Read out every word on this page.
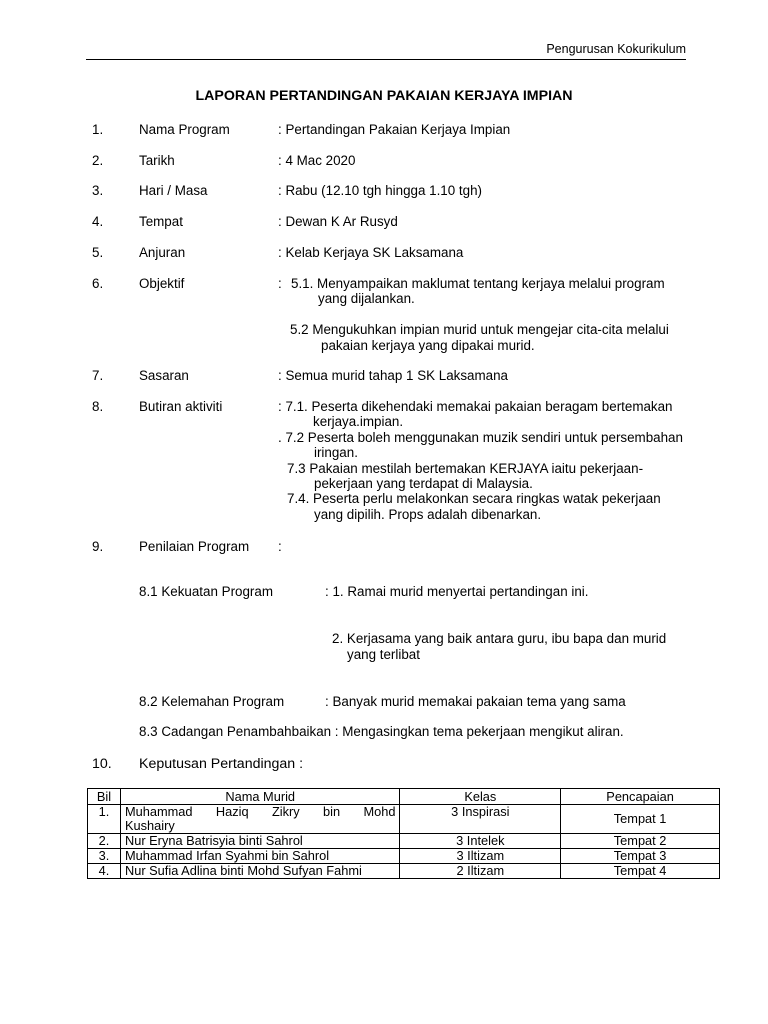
Pengurusan Kokurikulum
LAPORAN PERTANDINGAN PAKAIAN KERJAYA IMPIAN
1.	Nama Program	: Pertandingan Pakaian Kerjaya Impian
2.	Tarikh	: 4 Mac 2020
3.	Hari / Masa	: Rabu (12.10 tgh hingga 1.10 tgh)
4.	Tempat	: Dewan K Ar Rusyd
5.	Anjuran	: Kelab Kerjaya SK Laksamana
6.	Objektif	: 5.1. Menyampaikan maklumat tentang kerjaya melalui program
yang dijalankan.
5.2 Mengukuhkan impian murid untuk mengejar cita-cita melalui
pakaian kerjaya yang dipakai murid.
7.	Sasaran	: Semua murid tahap 1 SK Laksamana
8.	Butiran aktiviti	: 7.1. Peserta dikehendaki memakai pakaian beragam bertemakan
kerjaya.impian.
. 7.2 Peserta boleh menggunakan muzik sendiri untuk persembahan
iringan.
7.3 Pakaian mestilah bertemakan KERJAYA iaitu pekerjaan-
pekerjaan yang terdapat di Malaysia.
7.4. Peserta perlu melakonkan secara ringkas watak pekerjaan
yang dipilih. Props adalah dibenarkan.
9.	Penilaian Program :
8.1 Kekuatan Program	: 1. Ramai murid menyertai pertandingan ini.
2. Kerjasama yang baik antara guru, ibu bapa dan murid
yang terlibat
8.2 Kelemahan Program	: Banyak murid memakai pakaian tema yang sama
8.3 Cadangan Penambahbaikan : Mengasingkan tema pekerjaan mengikut aliran.
10. Keputusan Pertandingan :
Bil	Nama Murid	Kelas	Pencapaian
1.	Muhammad Haziq Zikry bin Mohd
Kushairy	3 Inspirasi	Tempat 1
2.	Nur Eryna Batrisyia binti Sahrol	3 Intelek	Tempat 2
3.	Muhammad Irfan Syahmi bin Sahrol	3 Iltizam	Tempat 3
4.	Nur Sufia Adlina binti Mohd Sufyan Fahmi	2 Iltizam	Tempat 4
